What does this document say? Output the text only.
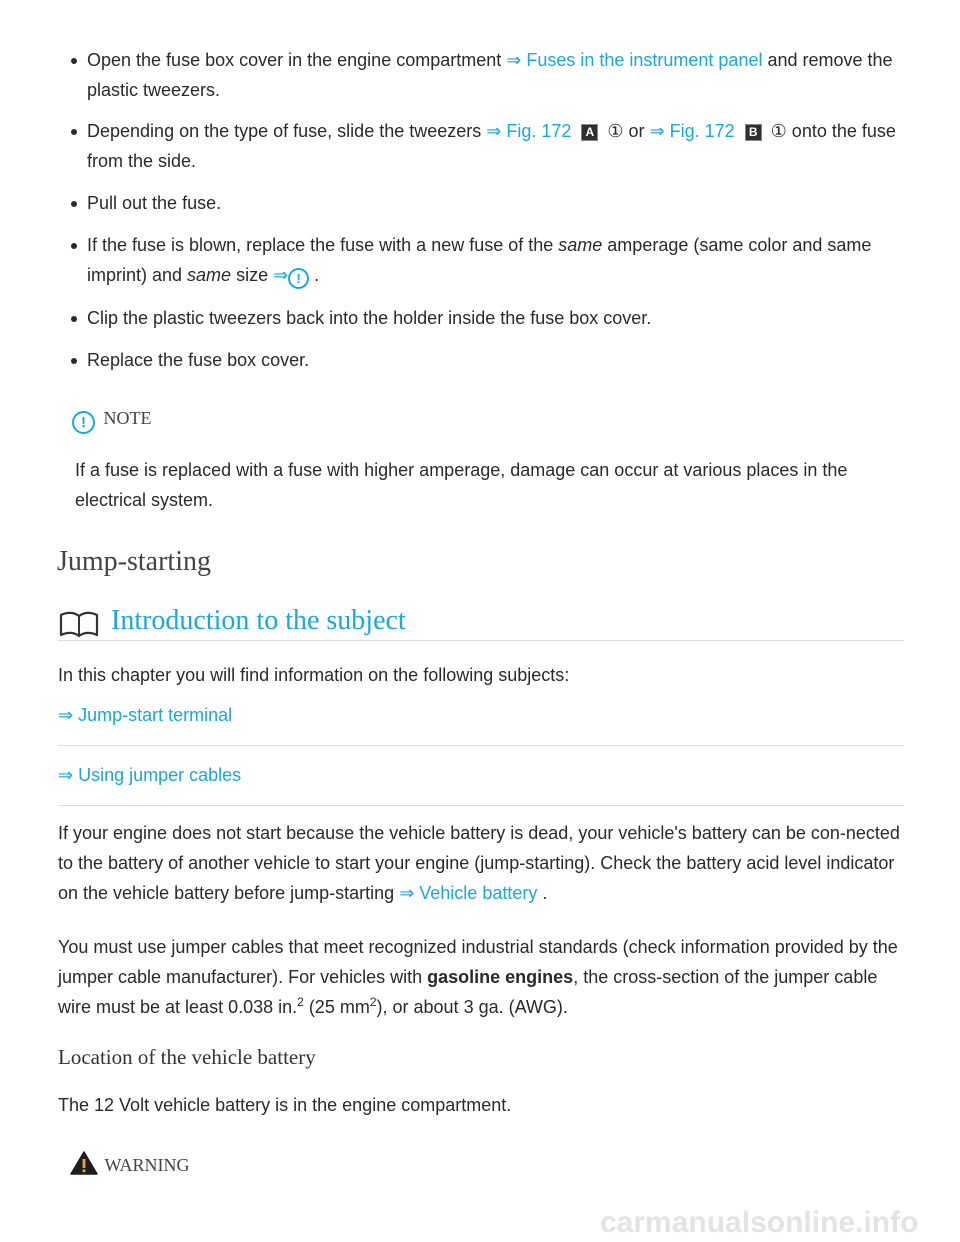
Open the fuse box cover in the engine compartment ⇒ Fuses in the instrument panel and remove the plastic tweezers.
Depending on the type of fuse, slide the tweezers ⇒ Fig. 172 A ① or ⇒ Fig. 172 B ① onto the fuse from the side.
Pull out the fuse.
If the fuse is blown, replace the fuse with a new fuse of the same amperage (same color and same imprint) and same size ⇒ ! .
Clip the plastic tweezers back into the holder inside the fuse box cover.
Replace the fuse box cover.
! NOTE
If a fuse is replaced with a fuse with higher amperage, damage can occur at various places in the electrical system.
Jump-starting
Introduction to the subject
In this chapter you will find information on the following subjects:
⇒ Jump-start terminal
⇒ Using jumper cables
If your engine does not start because the vehicle battery is dead, your vehicle's battery can be con-nected to the battery of another vehicle to start your engine (jump-starting). Check the battery acid level indicator on the vehicle battery before jump-starting ⇒ Vehicle battery .
You must use jumper cables that meet recognized industrial standards (check information provided by the jumper cable manufacturer). For vehicles with gasoline engines, the cross-section of the jumper cable wire must be at least 0.038 in.$^2$ (25 $mm^2$), or about 3 ga. (AWG).
Location of the vehicle battery
The 12 Volt vehicle battery is in the engine compartment.
WARNING
carmanualsonline.info
